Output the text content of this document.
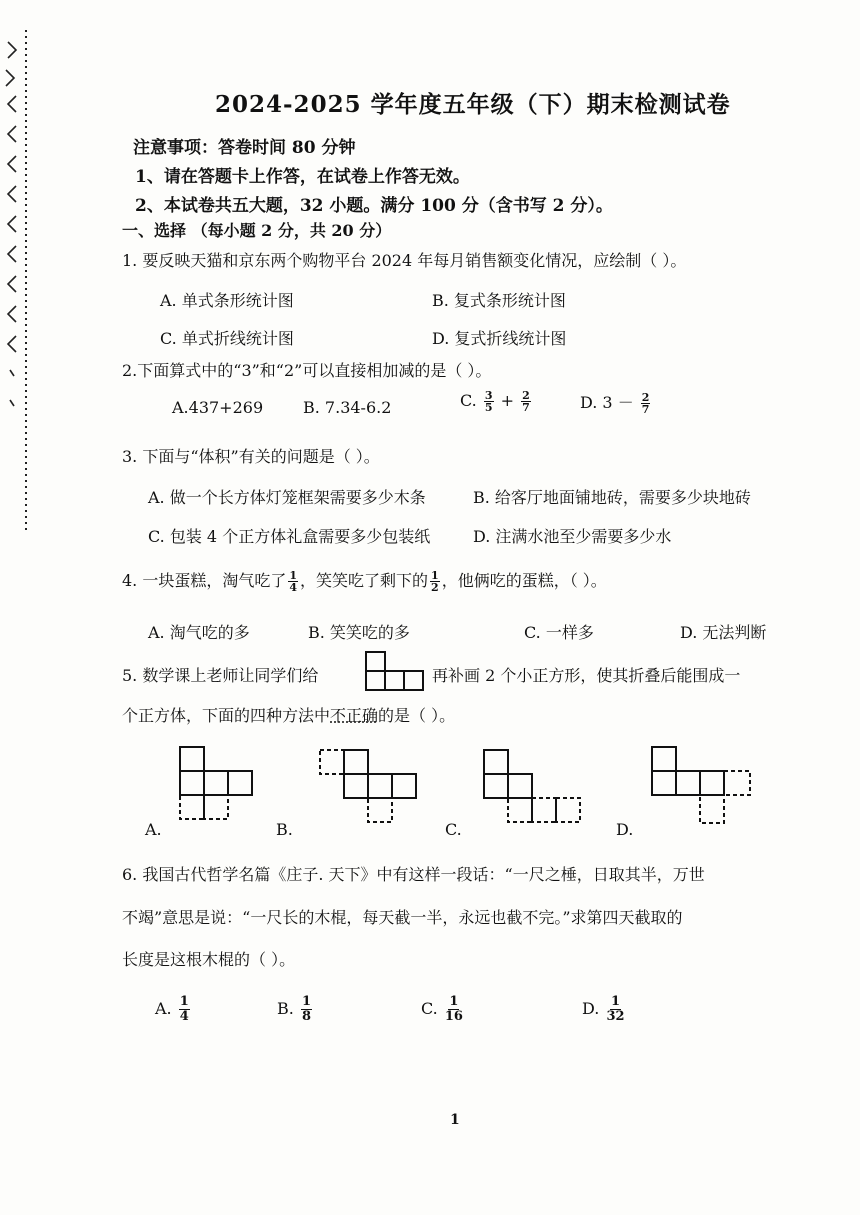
2024-2025 学年度五年级（下）期末检测试卷
注意事项：答卷时间 80 分钟
1、请在答题卡上作答，在试卷上作答无效。
2、本试卷共五大题，32 小题。满分 100 分（含书写 2 分）。
一、选择 （每小题 2 分，共 20 分）
1. 要反映天猫和京东两个购物平台 2024 年每月销售额变化情况，应绘制（ ）。
A. 单式条形统计图	B. 复式条形统计图
C. 单式折线统计图	D. 复式折线统计图
2.下面算式中的“3”和“2”可以直接相加减的是（ ）。
A.437+269 B. 7.34-6.2	C. $\frac{3}{5} + \frac{2}{7}$	D. $3 - \frac{2}{7}$
3. 下面与“体积”有关的问题是（ ）。
A. 做一个长方体灯笼框架需要多少木条	B. 给客厅地面铺地砖，需要多少块地砖
C. 包装 4 个正方体礼盒需要多少包装纸	D. 注满水池至少需要多少水
4. 一块蛋糕，淘气吃了 $\frac{1}{4}$ ，笑笑吃了剩下的 $\frac{1}{2}$ ，他俩吃的蛋糕，（ ）。
A. 淘气吃的多	B. 笑笑吃的多	C. 一样多	D. 无法判断
5. 数学课上老师让同学们给	再补画 2 个小正方形，使其折叠后能围成一
个正方体，下面的四种方法中不正确的是（ ）。
A.	B.	C.	D.
6. 我国古代哲学名篇《庄子. 天下》中有这样一段话：“一尺之棰，日取其半，万世
不竭”意思是说：“一尺长的木棍，每天截一半，永远也截不完。”求第四天截取的
长度是这根木棍的（ ）。
A. $\frac{1}{4}$	B. $\frac{1}{8}$	C. $\frac{1}{16}$	D. $\frac{1}{32}$
1
